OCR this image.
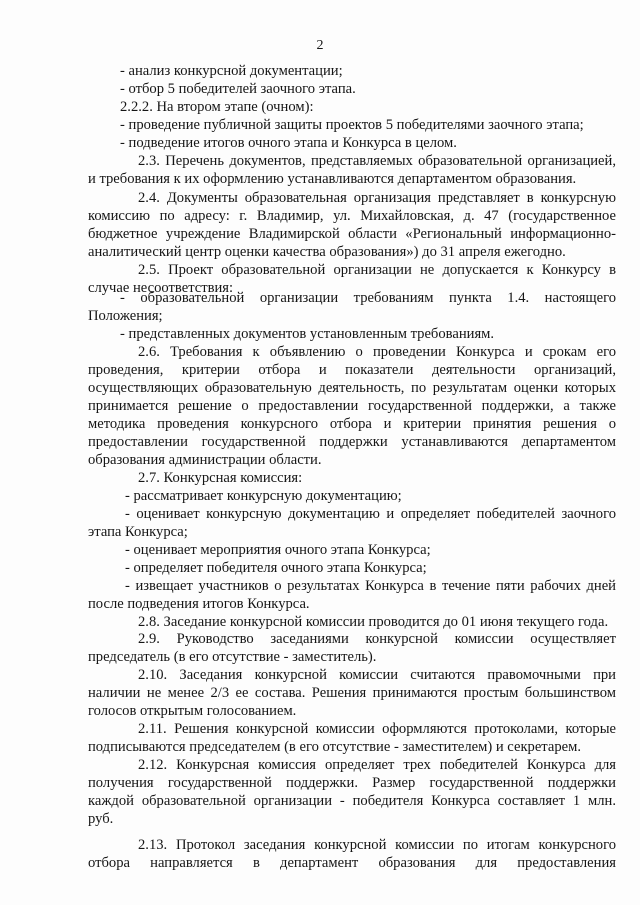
2
- анализ конкурсной документации;
- отбор 5 победителей заочного этапа.
2.2.2. На втором этапе (очном):
- проведение публичной защиты проектов 5 победителями заочного этапа;
- подведение итогов очного этапа и Конкурса в целом.
2.3. Перечень документов, представляемых образовательной организацией,
и требования к их оформлению устанавливаются департаментом образования.
2.4. Документы образовательная организация представляет в конкурсную
комиссию по адресу: г. Владимир, ул. Михайловская, д. 47 (государственное
бюджетное учреждение Владимирской области «Региональный информационно-
аналитический центр оценки качества образования») до 31 апреля ежегодно.
2.5. Проект образовательной организации не допускается к Конкурсу в
случае несоответствия:
- образовательной организации требованиям пункта 1.4. настоящего
Положения;
- представленных документов установленным требованиям.
2.6. Требования к объявлению о проведении Конкурса и срокам его
проведения, критерии отбора и показатели деятельности организаций,
осуществляющих образовательную деятельность, по результатам оценки которых
принимается решение о предоставлении государственной поддержки, а также
методика проведения конкурсного отбора и критерии принятия решения о
предоставлении государственной поддержки устанавливаются департаментом
образования администрации области.
2.7. Конкурсная комиссия:
- рассматривает конкурсную документацию;
- оценивает конкурсную документацию и определяет победителей заочного
этапа Конкурса;
- оценивает мероприятия очного этапа Конкурса;
- определяет победителя очного этапа Конкурса;
- извещает участников о результатах Конкурса в течение пяти рабочих дней
после подведения итогов Конкурса.
2.8. Заседание конкурсной комиссии проводится до 01 июня текущего года.
2.9. Руководство заседаниями конкурсной комиссии осуществляет
председатель (в его отсутствие - заместитель).
2.10. Заседания конкурсной комиссии считаются правомочными при
наличии не менее 2/3 ее состава. Решения принимаются простым большинством
голосов открытым голосованием.
2.11. Решения конкурсной комиссии оформляются протоколами, которые
подписываются председателем (в его отсутствие - заместителем) и секретарем.
2.12. Конкурсная комиссия определяет трех победителей Конкурса для
получения государственной поддержки. Размер государственной поддержки
каждой образовательной организации - победителя Конкурса составляет 1 млн.
руб.
2.13. Протокол заседания конкурсной комиссии по итогам конкурсного
отбора направляется в департамент образования для предоставления
